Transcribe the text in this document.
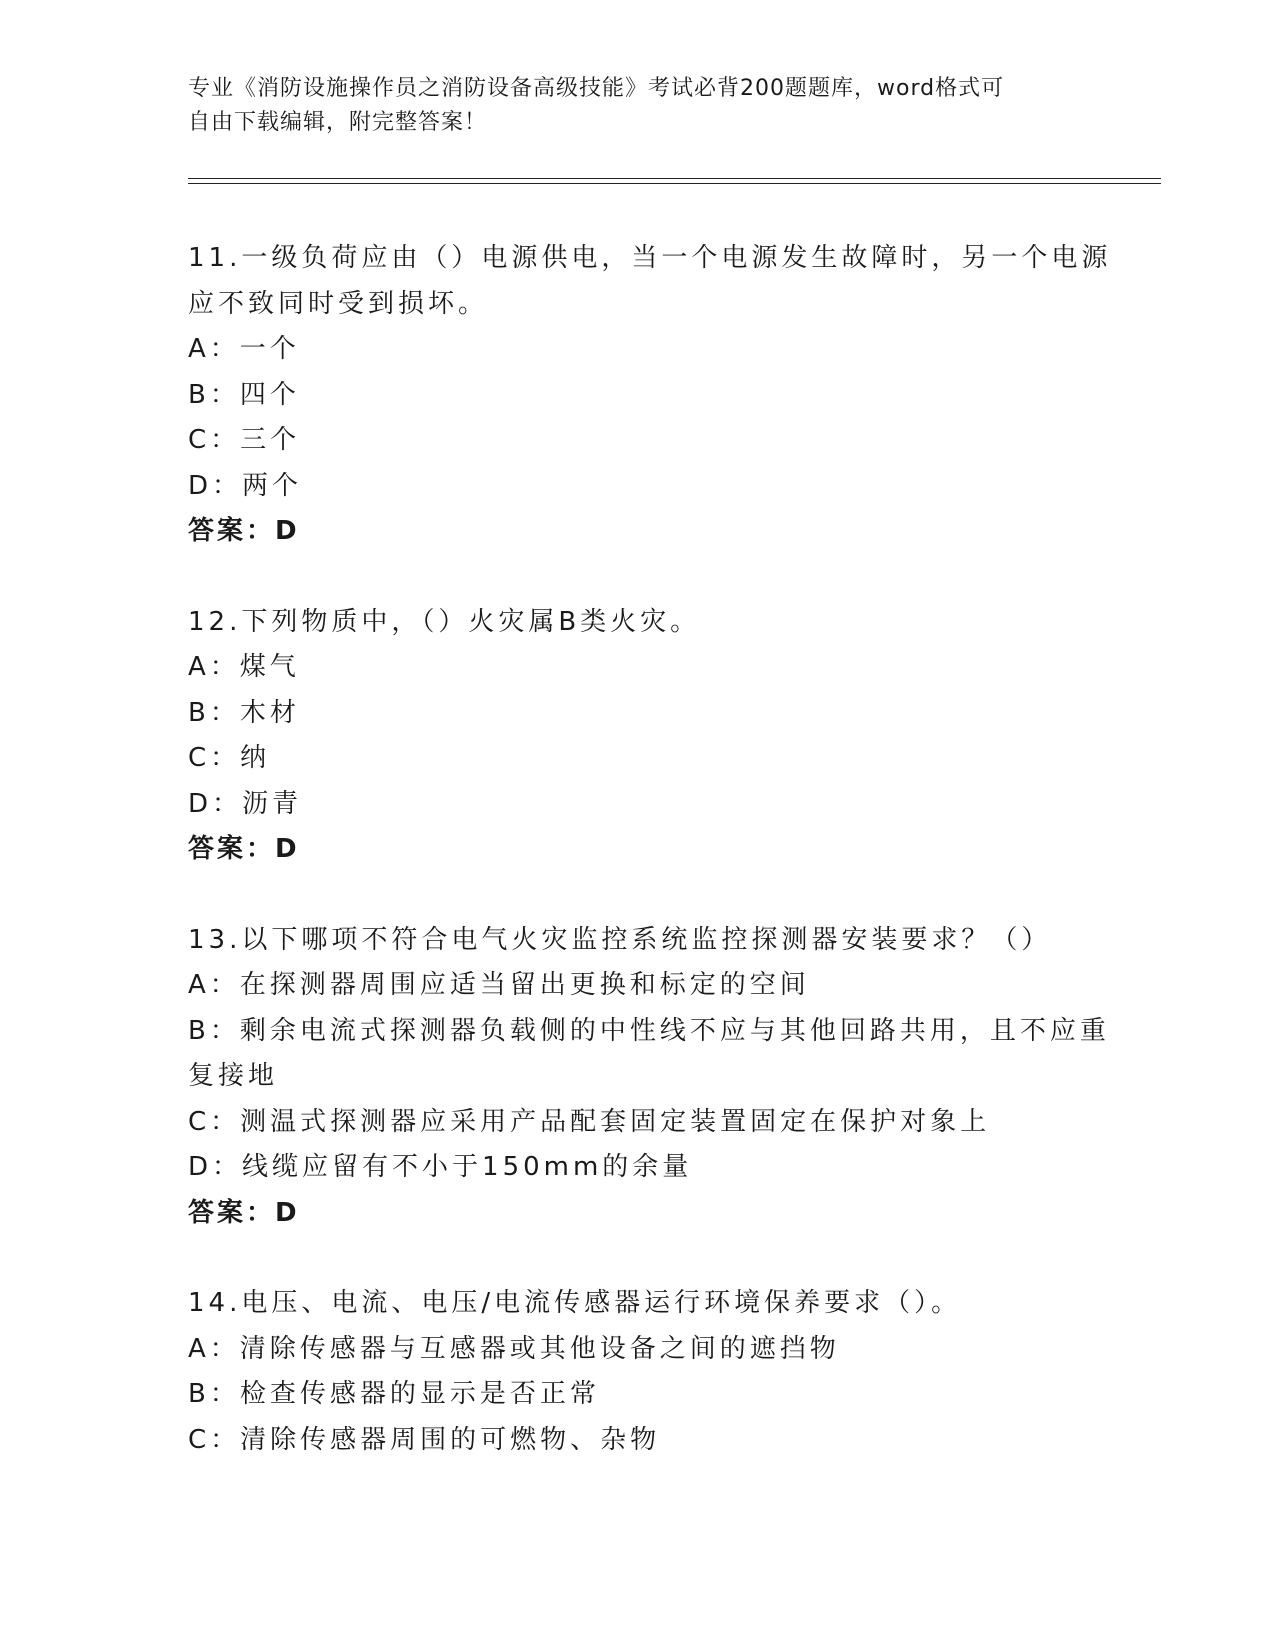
专业《消防设施操作员之消防设备高级技能》考试必背200题题库，word格式可
自由下载编辑，附完整答案！
11.一级负荷应由（）电源供电，当一个电源发生故障时，另一个电源
应不致同时受到损坏。
A：一个
B：四个
C：三个
D：两个
答案：D
12.下列物质中，（）火灾属B类火灾。
A：煤气
B：木材
C：纳
D：沥青
答案：D
13.以下哪项不符合电气火灾监控系统监控探测器安装要求？（）
A：在探测器周围应适当留出更换和标定的空间
B：剩余电流式探测器负载侧的中性线不应与其他回路共用，且不应重
复接地
C：测温式探测器应采用产品配套固定装置固定在保护对象上
D：线缆应留有不小于150mm的余量
答案：D
14.电压、电流、电压/电流传感器运行环境保养要求（）。
A：清除传感器与互感器或其他设备之间的遮挡物
B：检查传感器的显示是否正常
C：清除传感器周围的可燃物、杂物
